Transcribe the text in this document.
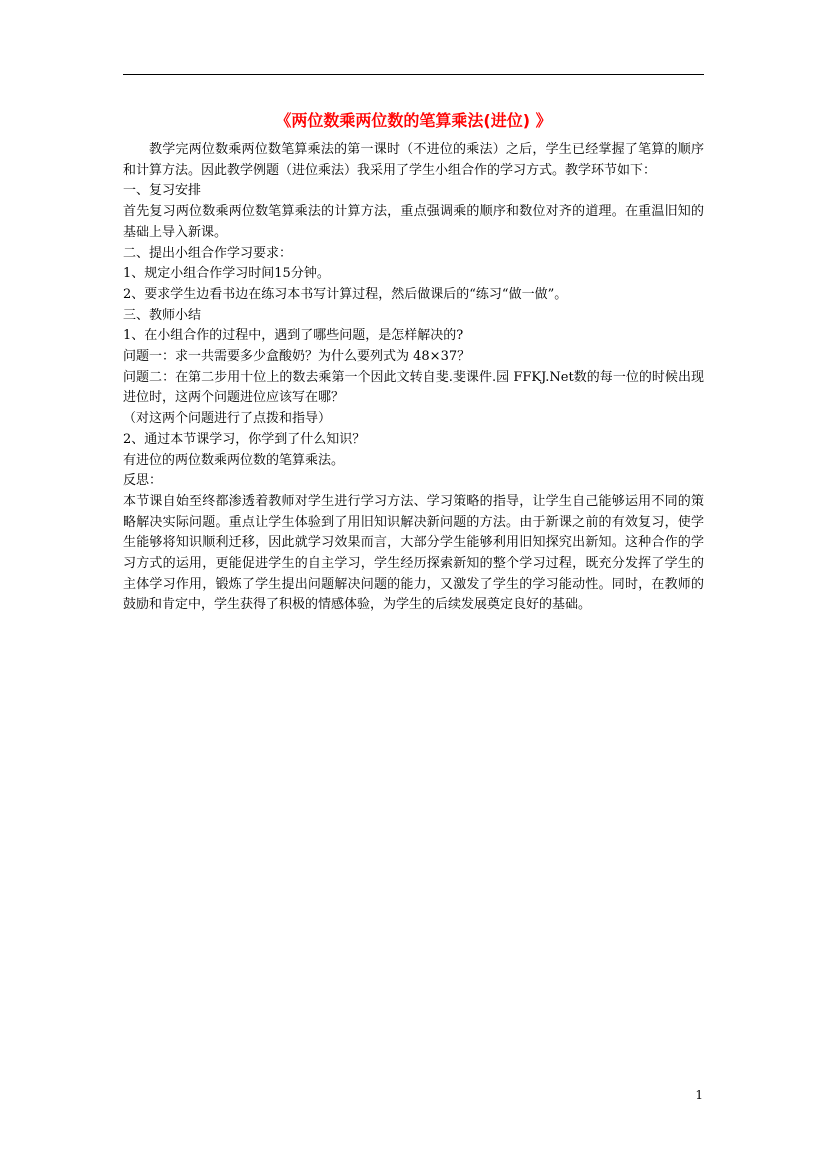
《两位数乘两位数的笔算乘法(进位) 》

教学完两位数乘两位数笔算乘法的第一课时（不进位的乘法）之后，学生已经掌握了笔算的顺序和计算方法。因此教学例题（进位乘法）我采用了学生小组合作的学习方式。教学环节如下：

一、复习安排

首先复习两位数乘两位数笔算乘法的计算方法，重点强调乘的顺序和数位对齐的道理。在重温旧知的基础上导入新课。

二、提出小组合作学习要求：

1、规定小组合作学习时间15分钟。

2、要求学生边看书边在练习本书写计算过程，然后做课后的“练习“做一做”。

三、教师小结

1、在小组合作的过程中，遇到了哪些问题，是怎样解决的?

问题一：求一共需要多少盒酸奶？为什么要列式为 48×37？

问题二：在第二步用十位上的数去乘第一个因此文转自斐.斐课件.园 FFKJ.Net数的每一位的时候出现进位时，这两个问题进位应该写在哪？

（对这两个问题进行了点拨和指导）

2、通过本节课学习，你学到了什么知识？

有进位的两位数乘两位数的笔算乘法。

反思：

本节课自始至终都渗透着教师对学生进行学习方法、学习策略的指导，让学生自己能够运用不同的策略解决实际问题。重点让学生体验到了用旧知识解决新问题的方法。由于新课之前的有效复习，使学生能够将知识顺利迁移，因此就学习效果而言，大部分学生能够利用旧知探究出新知。这种合作的学习方式的运用，更能促进学生的自主学习，学生经历探索新知的整个学习过程，既充分发挥了学生的主体学习作用，锻炼了学生提出问题解决问题的能力，又激发了学生的学习能动性。同时，在教师的鼓励和肯定中，学生获得了积极的情感体验，为学生的后续发展奠定良好的基础。

1
